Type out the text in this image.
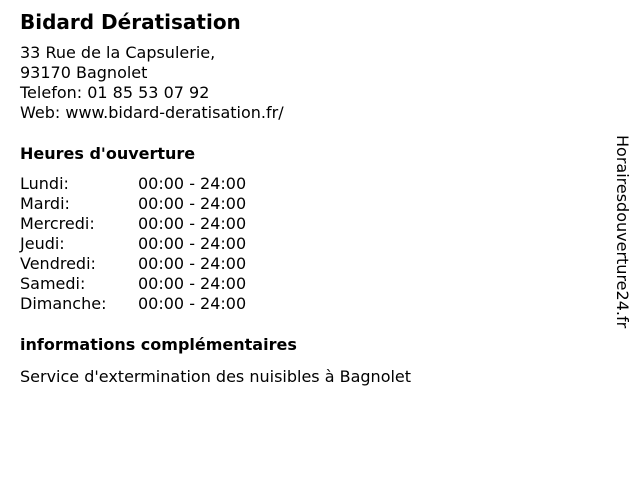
Bidard Dératisation
33 Rue de la Capsulerie,
93170 Bagnolet
Telefon: 01 85 53 07 92
Web: www.bidard-deratisation.fr/
Heures d'ouverture
Lundi:	00:00 - 24:00
Mardi:	00:00 - 24:00
Mercredi:	00:00 - 24:00
Jeudi:	00:00 - 24:00
Vendredi:	00:00 - 24:00
Samedi:	00:00 - 24:00
Dimanche:	00:00 - 24:00
informations complémentaires
Service d'extermination des nuisibles à Bagnolet
Horairesdouverture24.fr
